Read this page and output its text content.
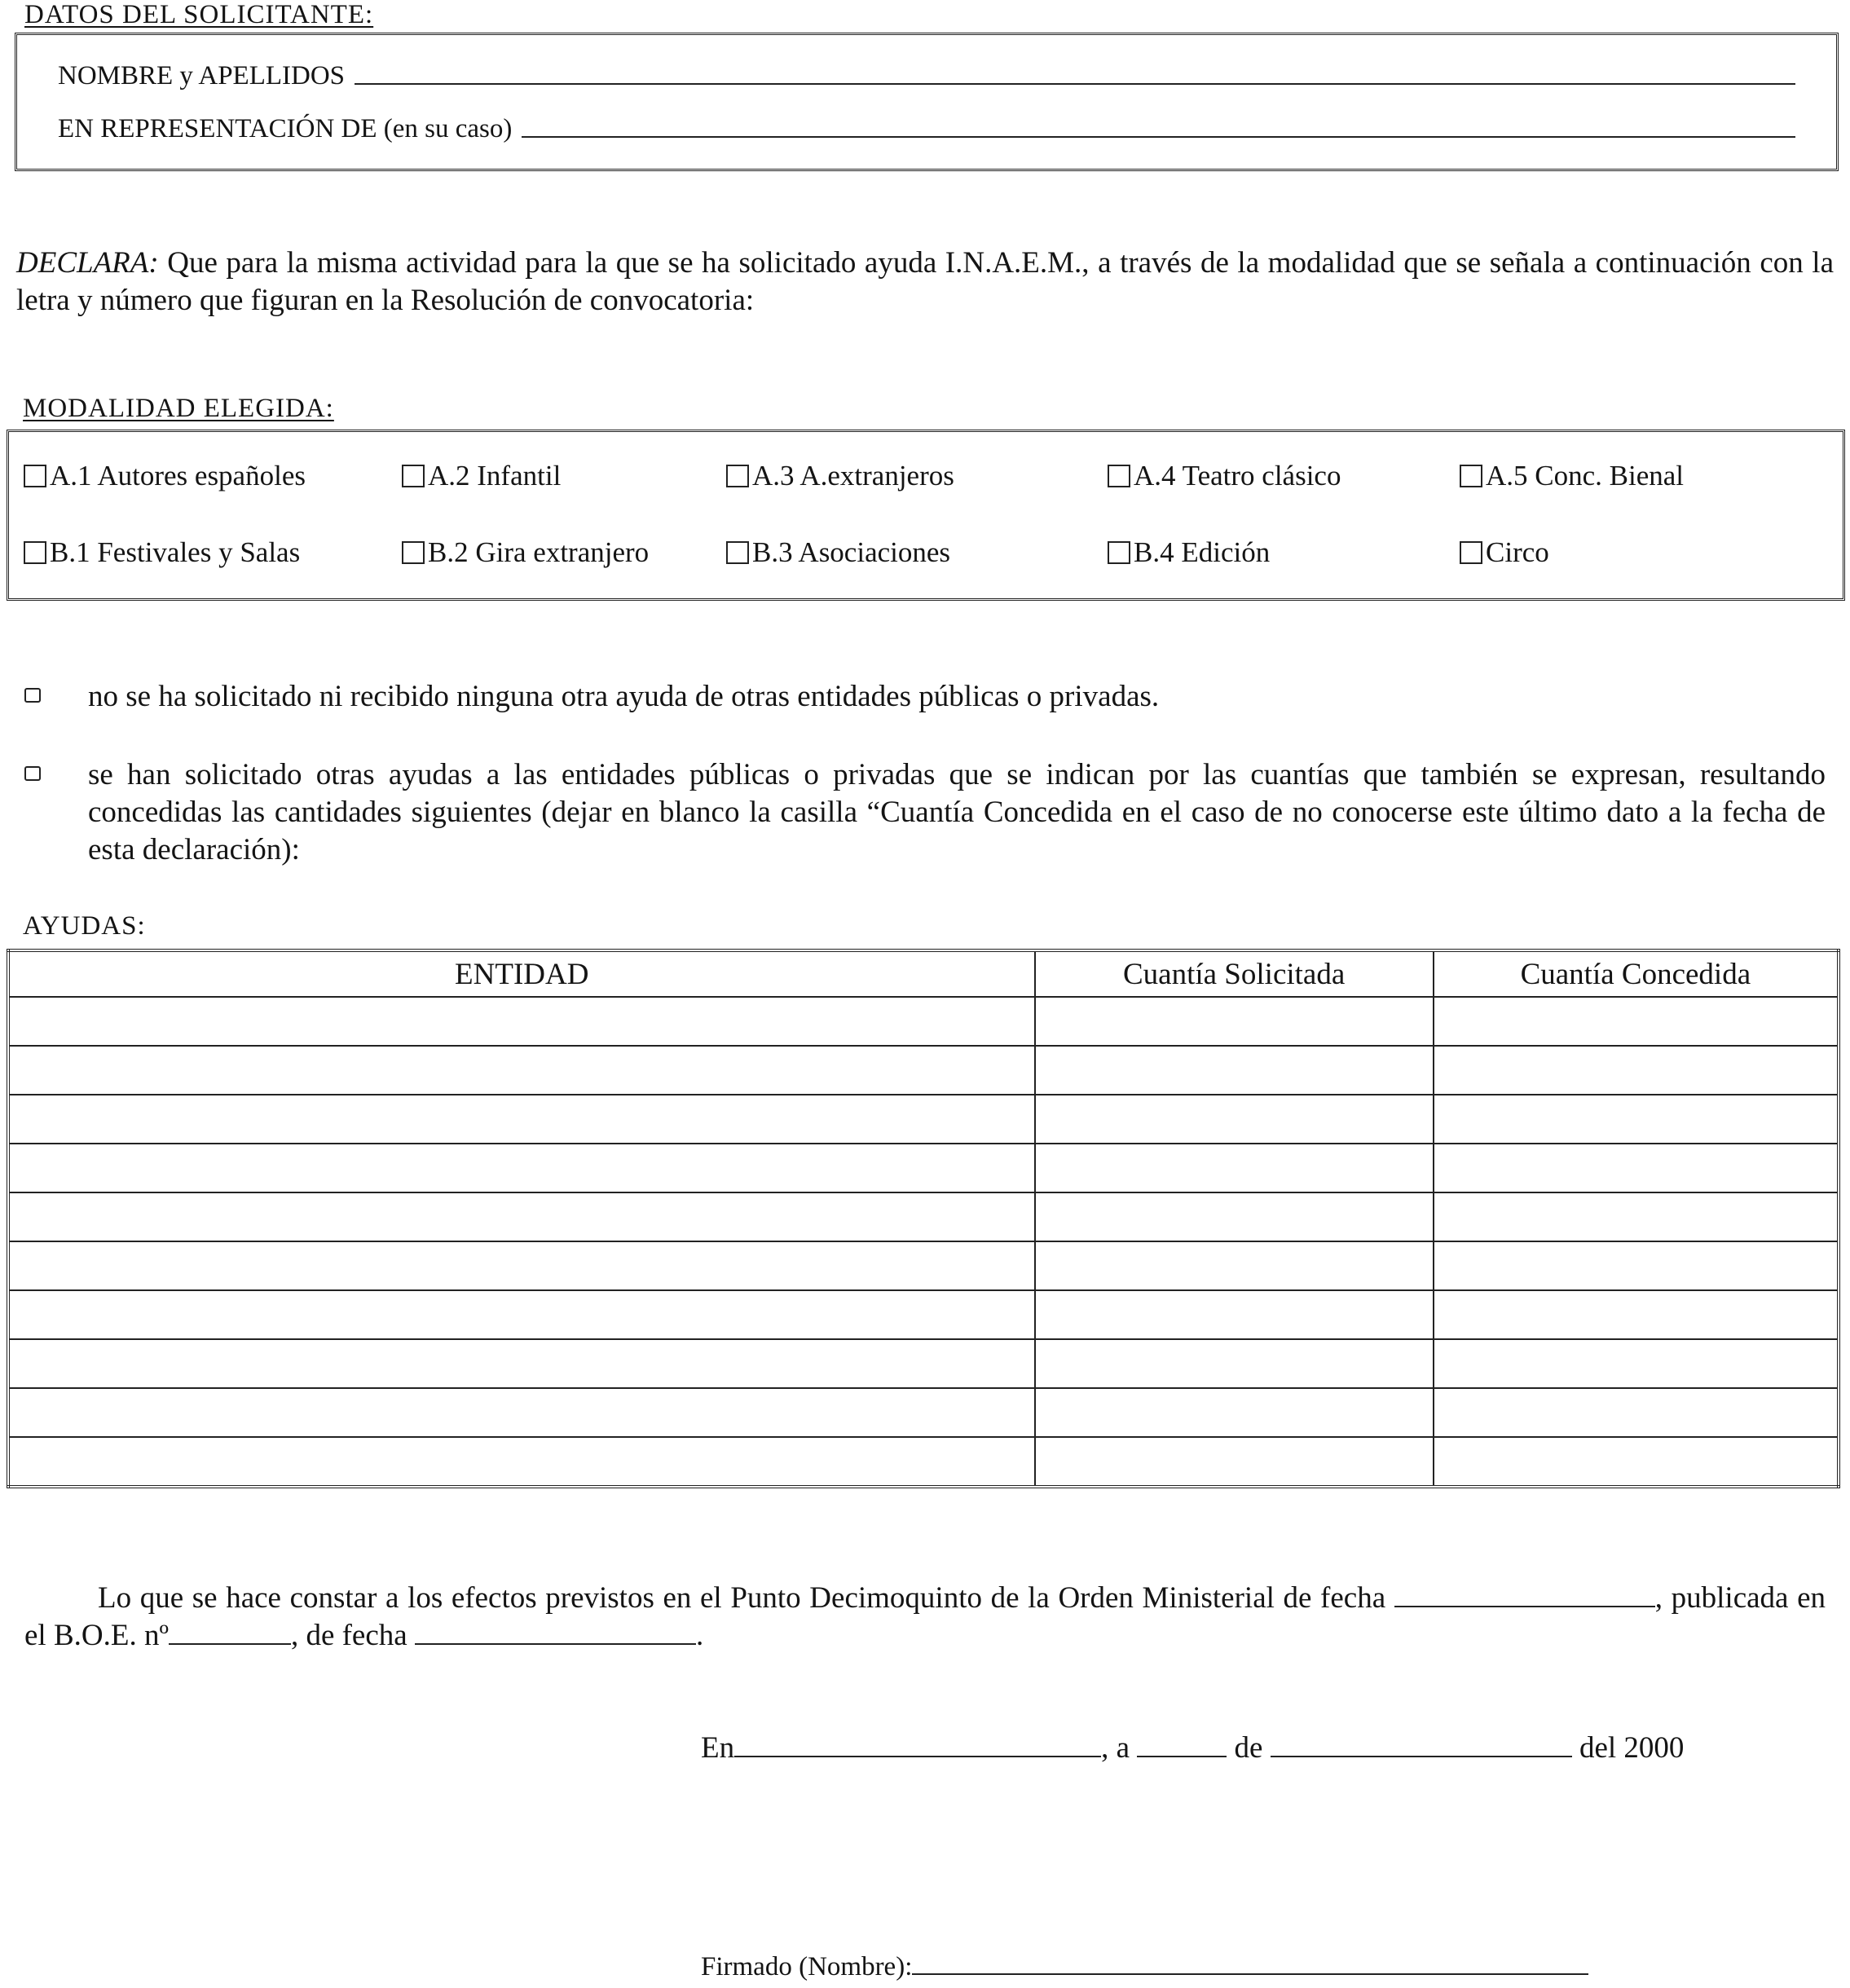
DATOS DEL SOLICITANTE:
NOMBRE y APELLIDOS
EN REPRESENTACIÓN DE (en su caso)
DECLARA: Que para la misma actividad para la que se ha solicitado ayuda I.N.A.E.M., a través de la modalidad que se señala a continuación con la letra y número que figuran en la Resolución de convocatoria:
MODALIDAD ELEGIDA:
A.1 Autores españoles	A.2 Infantil	A.3 A.extranjeros	A.4 Teatro clásico	A.5 Conc. Bienal
B.1 Festivales y Salas	B.2 Gira extranjero	B.3 Asociaciones	B.4 Edición	Circo
no se ha solicitado ni recibido ninguna otra ayuda de otras entidades públicas o privadas.
se han solicitado otras ayudas a las entidades públicas o privadas que se indican por las cuantías que también se expresan, resultando concedidas las cantidades siguientes (dejar en blanco la casilla “Cuantía Concedida en el caso de no conocerse este último dato a la fecha de esta declaración):
AYUDAS:
ENTIDAD	Cuantía Solicitada	Cuantía Concedida

Lo que se hace constar a los efectos previstos en el Punto Decimoquinto de la Orden Ministerial de fecha	, publicada en el B.O.E. nº	, de fecha	.
En	, a	de	del 2000
Firmado (Nombre):
